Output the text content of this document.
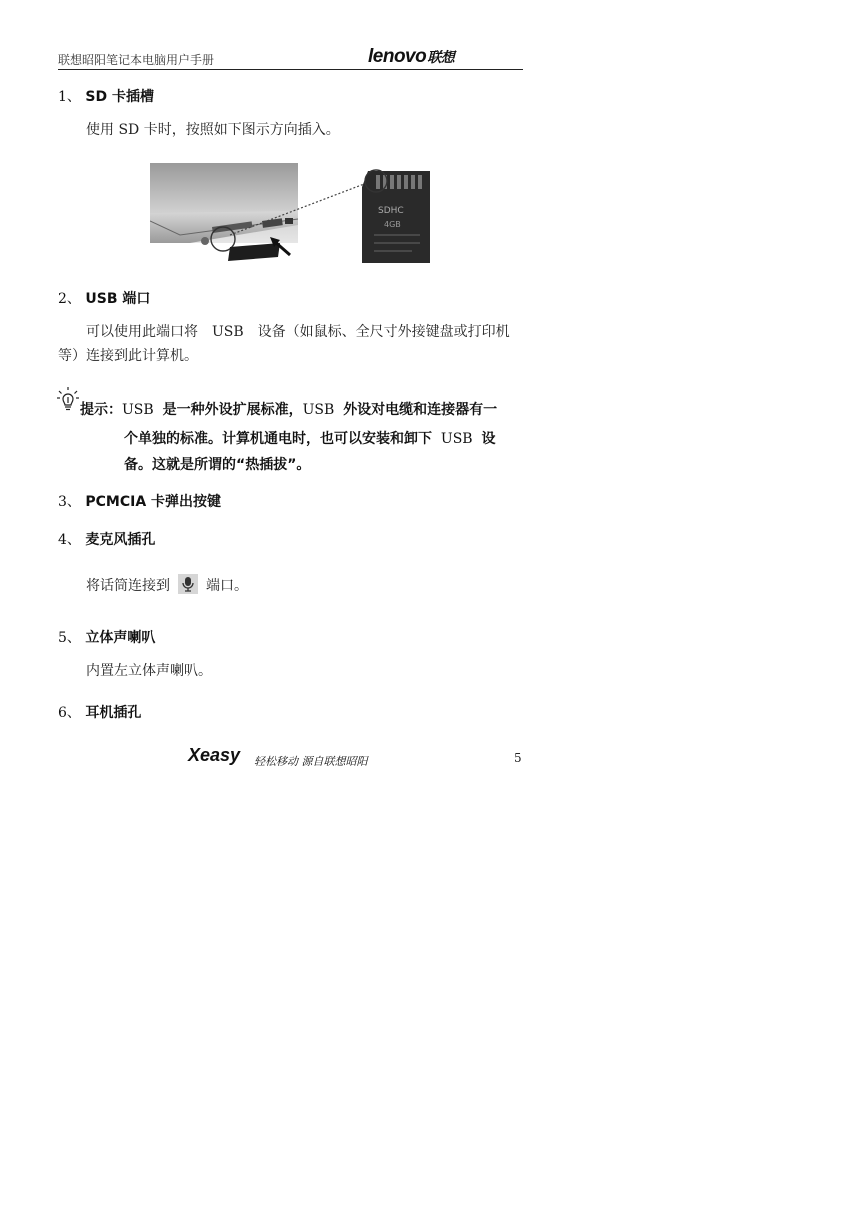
联想昭阳笔记本电脑用户手册	lenovo联想
1、 SD 卡插槽
使用 SD 卡时，按照如下图示方向插入。
SDHC
4GB
2、 USB 端口
可以使用此端口将　USB　设备（如鼠标、全尺寸外接键盘或打印机
等）连接到此计算机。
提示：USB 是一种外设扩展标准，USB 外设对电缆和连接器有一
个单独的标准。计算机通电时，也可以安装和卸下 USB 设
备。这就是所谓的“热插拔”。
3、 PCMCIA 卡弹出按键
4、 麦克风插孔
将话筒连接到	端口。
5、 立体声喇叭
内置左立体声喇叭。
6、 耳机插孔
Xeasy 轻松移动 源自联想昭阳	5
